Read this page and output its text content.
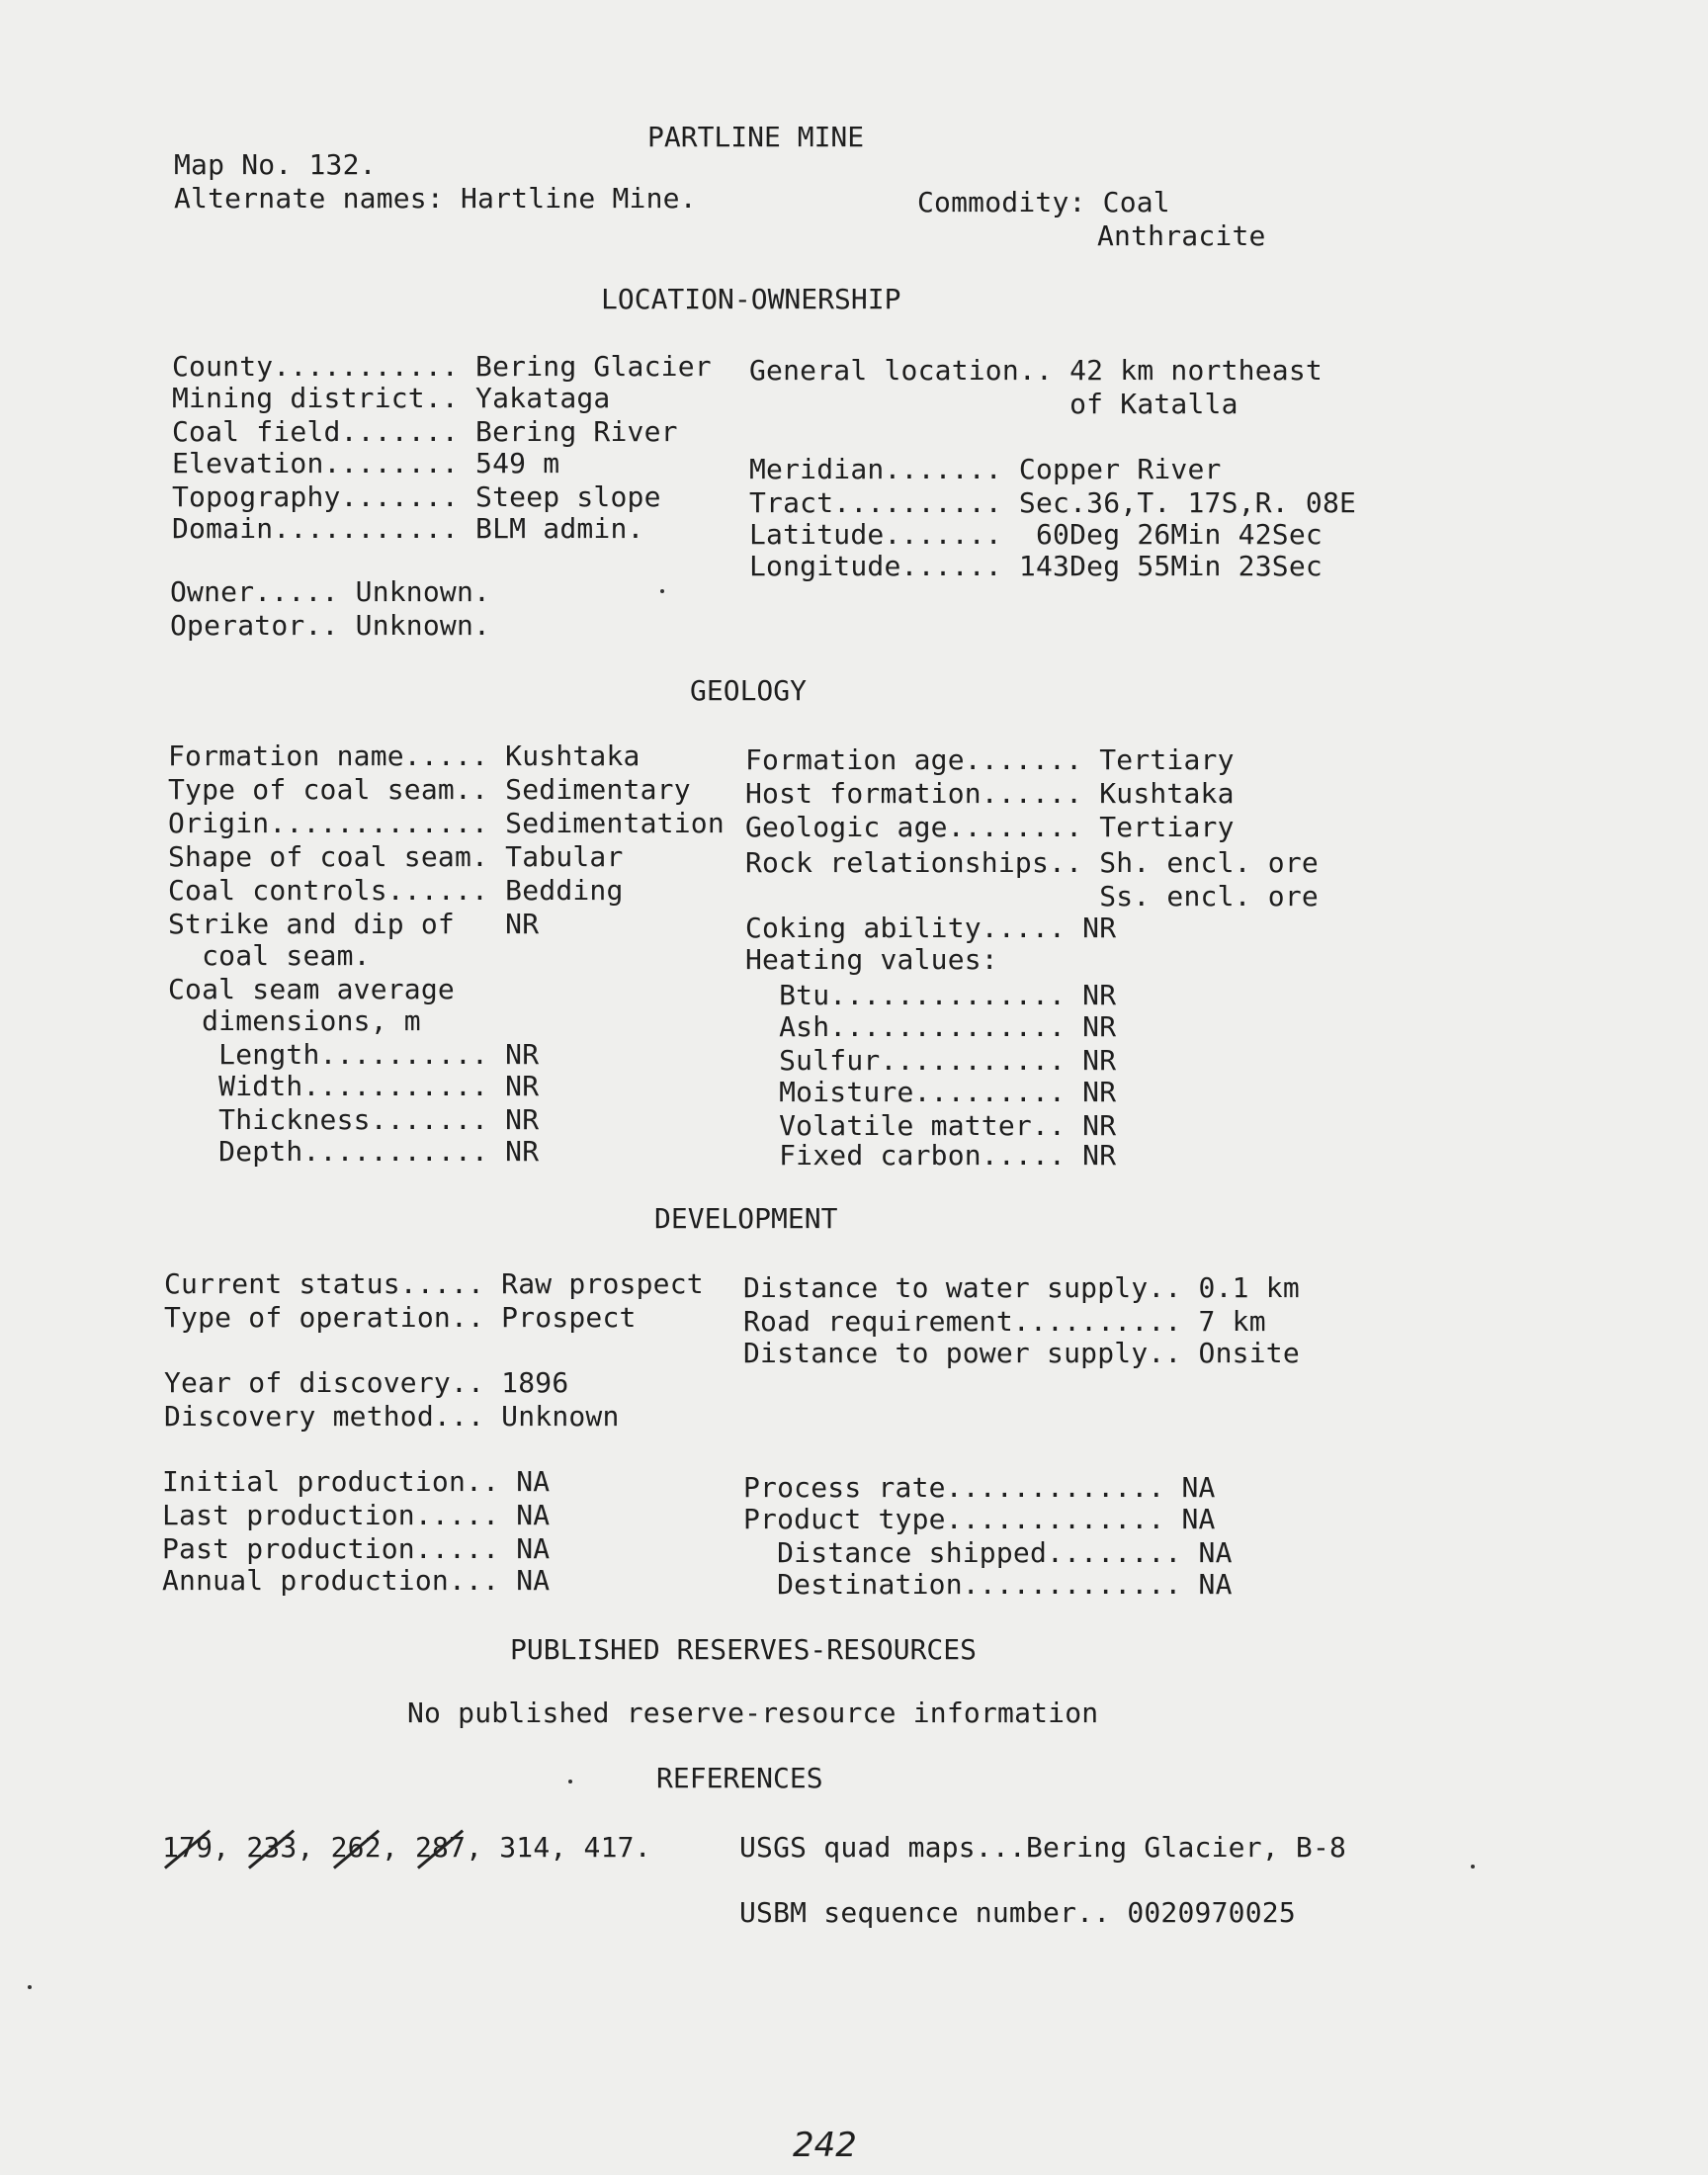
PARTLINE MINE
Map No. 132.
Alternate names: Hartline Mine.	Commodity: Coal
Anthracite
LOCATION-OWNERSHIP
County........... Bering Glacier
Mining district.. Yakataga
Coal field....... Bering River
Elevation........ 549 m
Topography....... Steep slope
Domain........... BLM admin.
General location.. 42 km northeast
of Katalla
Meridian....... Copper River
Tract.......... Sec.36,T. 17S,R. 08E
Latitude.......  60Deg 26Min 42Sec
Longitude...... 143Deg 55Min 23Sec
Owner..... Unknown.
Operator.. Unknown.
GEOLOGY
Formation name..... Kushtaka
Type of coal seam.. Sedimentary
Origin............. Sedimentation
Shape of coal seam. Tabular
Coal controls...... Bedding
Strike and dip of   NR
coal seam.
Coal seam average
dimensions, m
Length.......... NR
Width........... NR
Thickness....... NR
Depth........... NR
Formation age....... Tertiary
Host formation...... Kushtaka
Geologic age........ Tertiary
Rock relationships.. Sh. encl. ore
Ss. encl. ore
Coking ability..... NR
Heating values:
Btu.............. NR
Ash.............. NR
Sulfur........... NR
Moisture......... NR
Volatile matter.. NR
Fixed carbon..... NR
DEVELOPMENT
Current status..... Raw prospect
Type of operation.. Prospect
Year of discovery.. 1896
Discovery method... Unknown
Initial production.. NA
Last production..... NA
Past production..... NA
Annual production... NA
Distance to water supply.. 0.1 km
Road requirement.......... 7 km
Distance to power supply.. Onsite
Process rate............. NA
Product type............. NA
Distance shipped........ NA
Destination............. NA
PUBLISHED RESERVES-RESOURCES
No published reserve-resource information
REFERENCES
179, 233, 262, 287, 314, 417.	USGS quad maps...Bering Glacier, B-8
USBM sequence number.. 0020970025
242
